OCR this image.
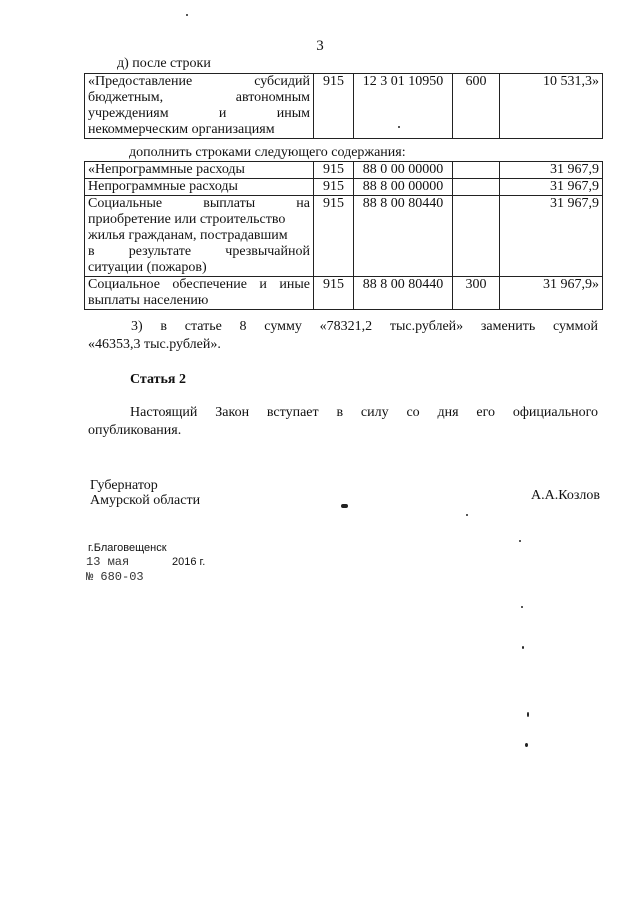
3
д) после строки
«Предоставление субсидий
бюджетным, автономным
учреждениям и иным
некоммерческим организациям
	915	12 3 01 10950	600	10 531,3»
дополнить строками следующего содержания:
«Непрограммные расходы	915	88 0 00 00000		31 967,9

Непрограммные расходы	915	88 8 00 00000		31 967,9

Социальные выплаты на
приобретение или строительство
жилья гражданам, пострадавшим
в результате чрезвычайной
ситуации (пожаров)	915	88 8 00 80440		31 967,9

Социальное обеспечение и иные
выплаты населению	915	88 8 00 80440	300	31 967,9»
3) в статье 8 сумму «78321,2 тыс.рублей» заменить суммой
«46353,3 тыс.рублей».
Статья 2
Настоящий Закон вступает в силу со дня его официального
опубликования.
Губернатор
Амурской области	А.А.Козлов
г.Благовещенск
13 мая	2016 г.
№ 680-03
